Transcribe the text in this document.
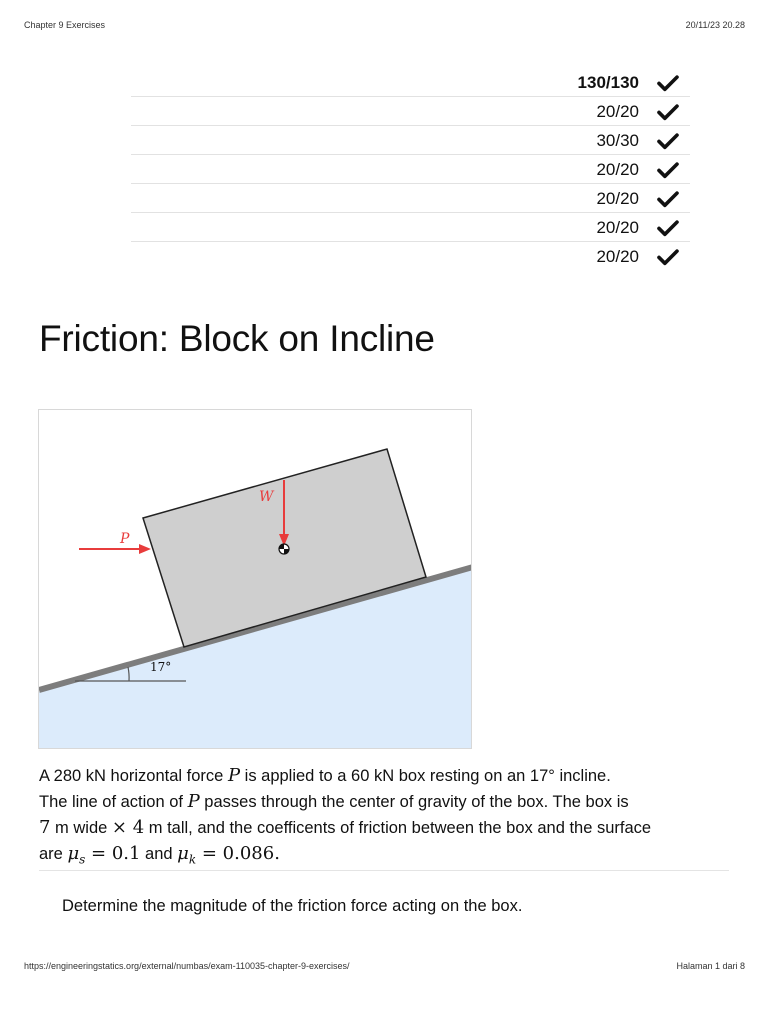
Chapter 9 Exercises	20/11/23 20.28
130/130
20/20
30/30
20/20
20/20
20/20
20/20
Friction: Block on Incline
17°
W
P

A 280 kN horizontal force P is applied to a 60 kN box resting on an 17° incline.

The line of action of P passes through the center of gravity of the box. The box is

7 m wide × 4 m tall, and the coefficents of friction between the box and the surface

are $\mu_s = 0.1$ and $\mu_k = 0.086$.

Determine the magnitude of the friction force acting on the box.
https://engineeringstatics.org/external/numbas/exam-110035-chapter-9-exercises/	Halaman 1 dari 8
